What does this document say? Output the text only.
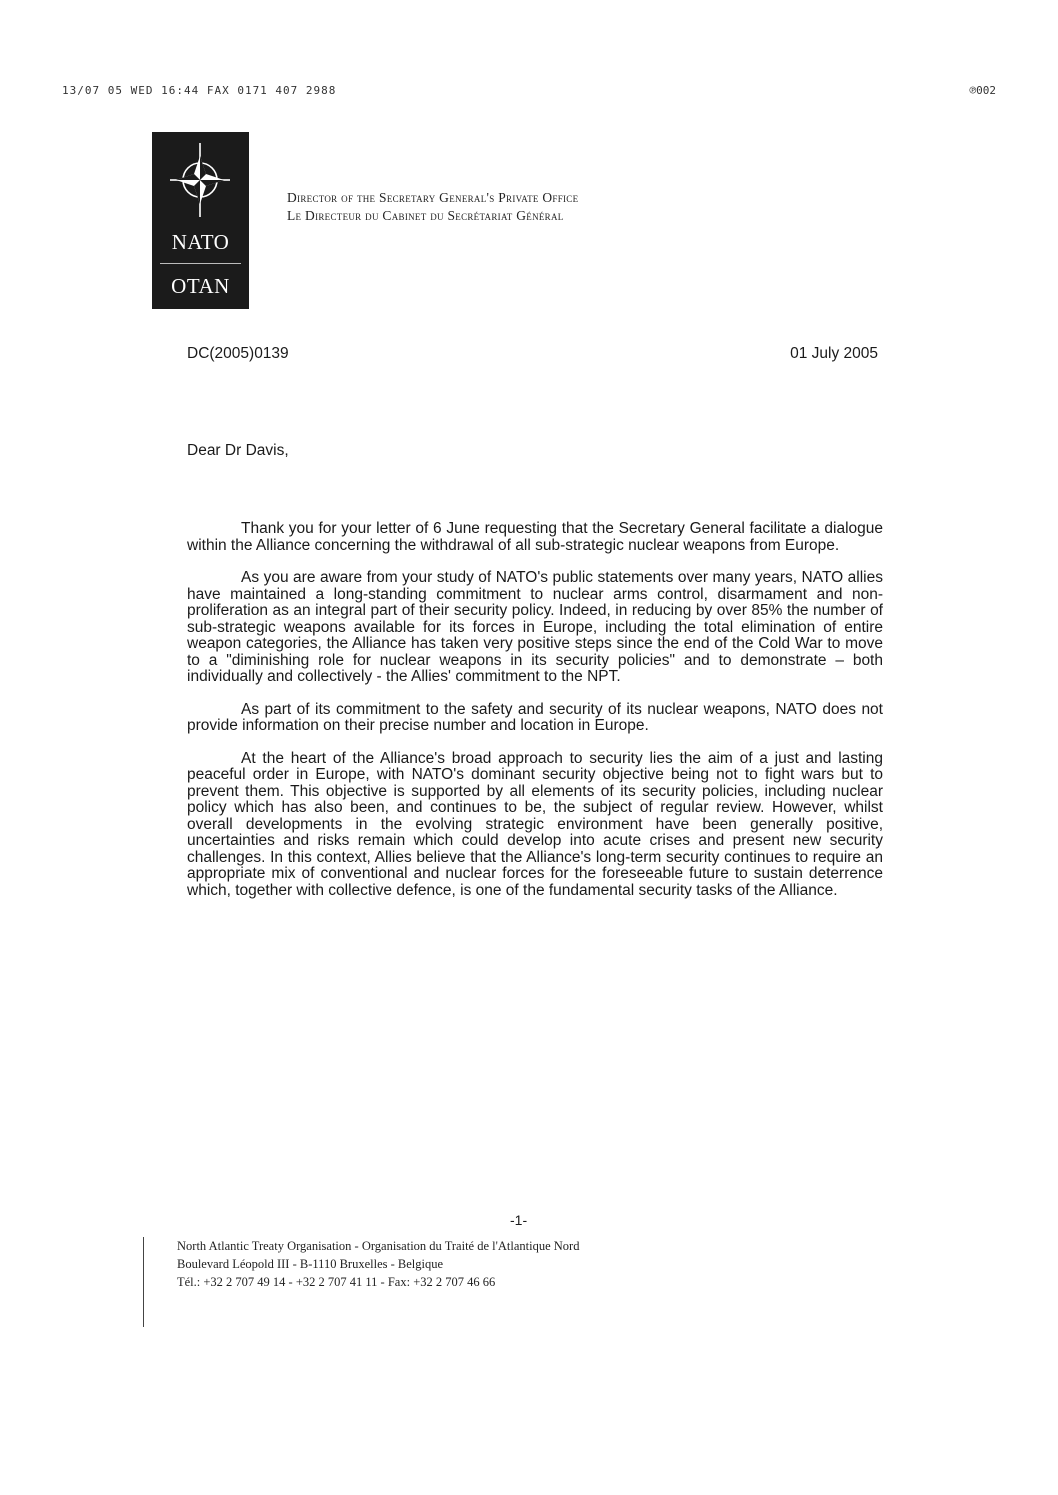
13/07 05 WED 16:44 FAX 0171 407 2988	℗002
NATO
OTAN
Director of the Secretary General's Private Office
Le Directeur du Cabinet du Secrétariat Général
DC(2005)0139	01 July 2005
Dear Dr Davis,

Thank you for your letter of 6 June requesting that the Secretary General facilitate a dialogue within the Alliance concerning the withdrawal of all sub-strategic nuclear weapons from Europe.

As you are aware from your study of NATO's public statements over many years, NATO allies have maintained a long-standing commitment to nuclear arms control, disarmament and non-proliferation as an integral part of their security policy. Indeed, in reducing by over 85% the number of sub-strategic weapons available for its forces in Europe, including the total elimination of entire weapon categories, the Alliance has taken very positive steps since the end of the Cold War to move to a "diminishing role for nuclear weapons in its security policies" and to demonstrate – both individually and collectively - the Allies' commitment to the NPT.

As part of its commitment to the safety and security of its nuclear weapons, NATO does not provide information on their precise number and location in Europe.

At the heart of the Alliance's broad approach to security lies the aim of a just and lasting peaceful order in Europe, with NATO's dominant security objective being not to fight wars but to prevent them. This objective is supported by all elements of its security policies, including nuclear policy which has also been, and continues to be, the subject of regular review. However, whilst overall developments in the evolving strategic environment have been generally positive, uncertainties and risks remain which could develop into acute crises and present new security challenges. In this context, Allies believe that the Alliance's long-term security continues to require an appropriate mix of conventional and nuclear forces for the foreseeable future to sustain deterrence which, together with collective defence, is one of the fundamental security tasks of the Alliance.

-1-
North Atlantic Treaty Organisation - Organisation du Traité de l'Atlantique Nord
Boulevard Léopold III - B-1110 Bruxelles - Belgique
Tél.: +32 2 707 49 14 - +32 2 707 41 11 - Fax: +32 2 707 46 66
